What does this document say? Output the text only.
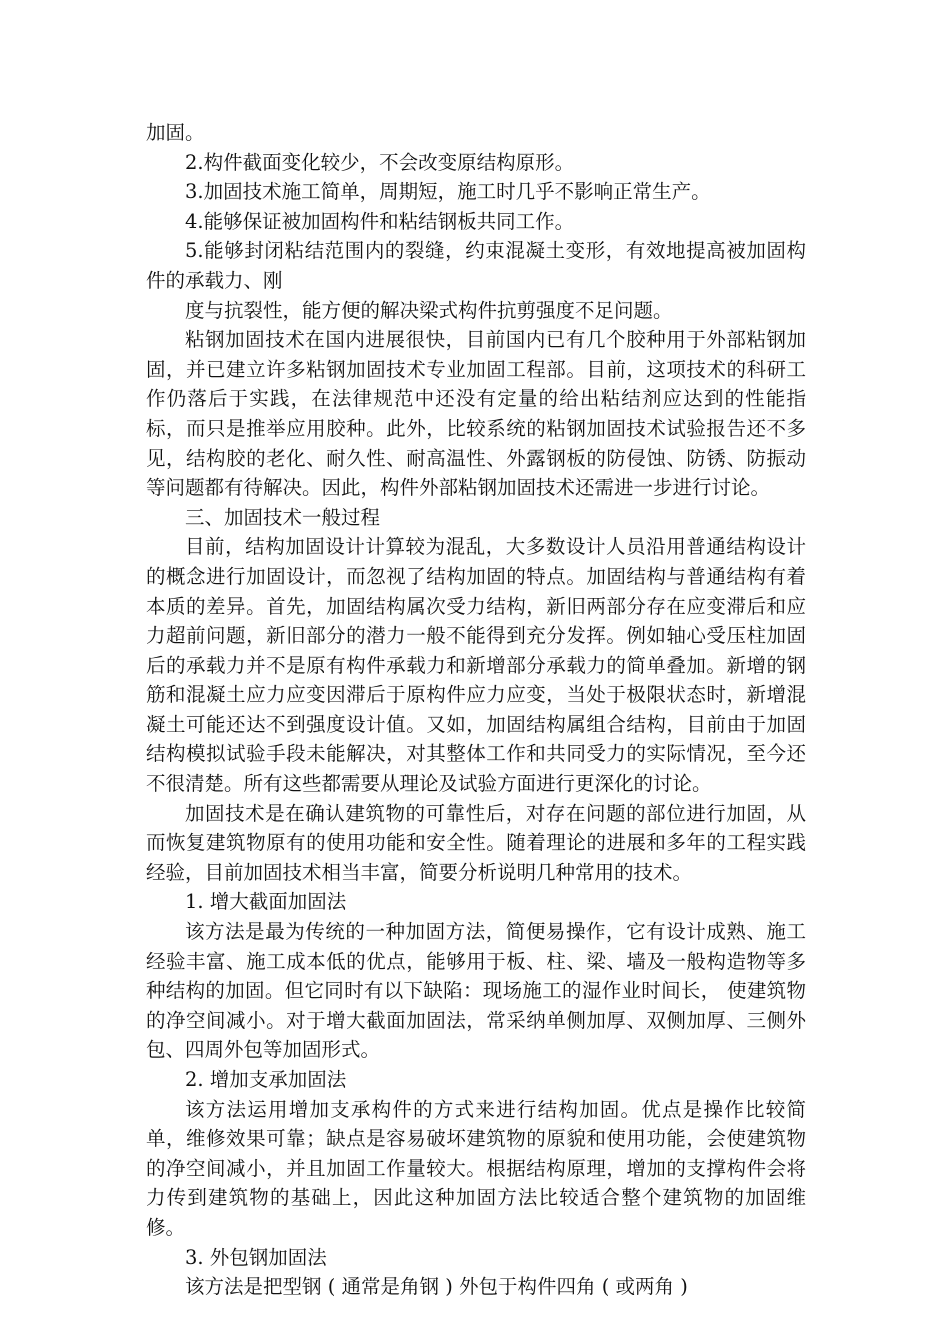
加固。

2.构件截面变化较少，不会改变原结构原形。

3.加固技术施工简单，周期短，施工时几乎不影响正常生产。

4.能够保证被加固构件和粘结钢板共同工作。

5.能够封闭粘结范围内的裂缝，约束混凝土变形，有效地提高被加固构件的承载力、刚

度与抗裂性，能方便的解决梁式构件抗剪强度不足问题。

粘钢加固技术在国内进展很快，目前国内已有几个胶种用于外部粘钢加固，并已建立许多粘钢加固技术专业加固工程部。目前，这项技术的科研工作仍落后于实践，在法律规范中还没有定量的给出粘结剂应达到的性能指标，而只是推举应用胶种。此外，比较系统的粘钢加固技术试验报告还不多见，结构胶的老化、耐久性、耐高温性、外露钢板的防侵蚀、防锈、防振动等问题都有待解决。因此，构件外部粘钢加固技术还需进一步进行讨论。

三、加固技术一般过程

目前，结构加固设计计算较为混乱，大多数设计人员沿用普通结构设计的概念进行加固设计，而忽视了结构加固的特点。加固结构与普通结构有着本质的差异。首先，加固结构属次受力结构，新旧两部分存在应变滞后和应力超前问题，新旧部分的潜力一般不能得到充分发挥。例如轴心受压柱加固后的承载力并不是原有构件承载力和新增部分承载力的简单叠加。新增的钢筋和混凝土应力应变因滞后于原构件应力应变，当处于极限状态时，新增混凝土可能还达不到强度设计值。又如，加固结构属组合结构，目前由于加固结构模拟试验手段未能解决，对其整体工作和共同受力的实际情况，至今还不很清楚。所有这些都需要从理论及试验方面进行更深化的讨论。

加固技术是在确认建筑物的可靠性后，对存在问题的部位进行加固，从而恢复建筑物原有的使用功能和安全性。随着理论的进展和多年的工程实践经验，目前加固技术相当丰富，简要分析说明几种常用的技术。

1. 增大截面加固法

该方法是最为传统的一种加固方法，简便易操作，它有设计成熟、施工经验丰富、施工成本低的优点，能够用于板、柱、梁、墙及一般构造物等多种结构的加固。但它同时有以下缺陷：现场施工的湿作业时间长， 使建筑物的净空间减小。对于增大截面加固法，常采纳单侧加厚、双侧加厚、三侧外包、四周外包等加固形式。

2. 增加支承加固法

该方法运用增加支承构件的方式来进行结构加固。优点是操作比较简单，维修效果可靠；缺点是容易破坏建筑物的原貌和使用功能，会使建筑物的净空间减小，并且加固工作量较大。根据结构原理，增加的支撑构件会将力传到建筑物的基础上，因此这种加固方法比较适合整个建筑物的加固维修。

3. 外包钢加固法

该方法是把型钢 ( 通常是角钢 ) 外包于构件四角 ( 或两角 )
